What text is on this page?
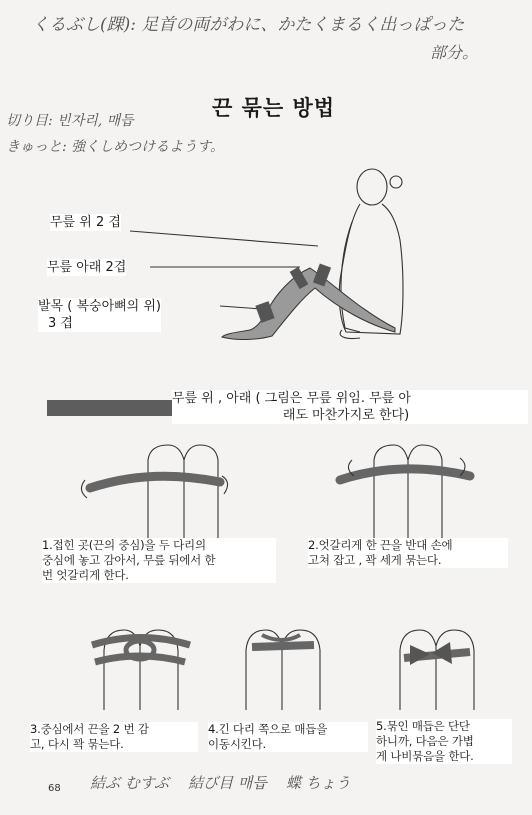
くるぶし(踝): 足首の両がわに、かたくまるく出っぱった
部分。
切り目: 빈자리, 매듭
きゅっと: 強くしめつけるようす。
끈 묶는 방법
무릎 위 2 겹
무릎 아래 2겹
발목 ( 복숭아뼈의 위)
3 겹
무릎 위 , 아래 ( 그림은 무릎 위임. 무릎 아
래도 마찬가지로 한다)
1.접힌 곳(끈의 중심)을 두 다리의
중심에 놓고 감아서, 무릎 뒤에서 한
번 엇갈리게 한다.
2.엇갈리게 한 끈을 반대 손에
고쳐 잡고 , 꽉 세게 묶는다.
3.중심에서 끈을 2 번 감
고, 다시 꽉 묶는다.
4.긴 다리 쪽으로 매듭을
이동시킨다.
5.묶인 매듭은 단단
하니까, 다음은 가볍
게 나비묶음을 한다.
68 結ぶ むすぶ    結び目 매듭    蝶 ちょう
